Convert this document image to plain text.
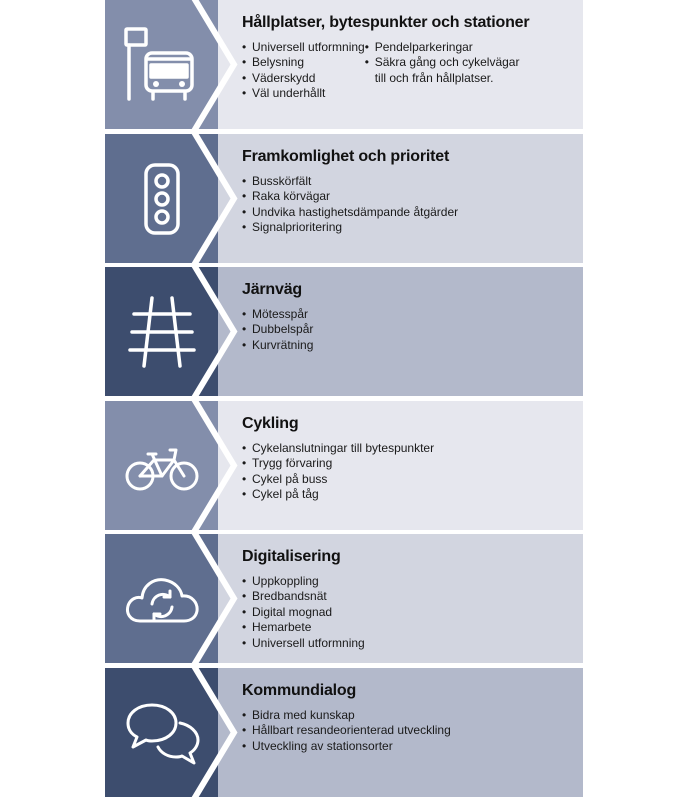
Hållplatser, bytespunkter och stationer
• Universell utformning
• Belysning
• Väderskydd
• Väl underhållt
• Pendelparkeringar
• Säkra gång och cykelvägar
till och från hållplatser.
Framkomlighet och prioritet
• Busskörfält
• Raka körvägar
• Undvika hastighetsdämpande åtgärder
• Signalprioritering
Järnväg
• Mötesspår
• Dubbelspår
• Kurvrätning
Cykling
• Cykelanslutningar till bytespunkter
• Trygg förvaring
• Cykel på buss
• Cykel på tåg
Digitalisering
• Uppkoppling
• Bredbandsnät
• Digital mognad
• Hemarbete
• Universell utformning
Kommundialog
• Bidra med kunskap
• Hållbart resandeorienterad utveckling
• Utveckling av stationsorter
